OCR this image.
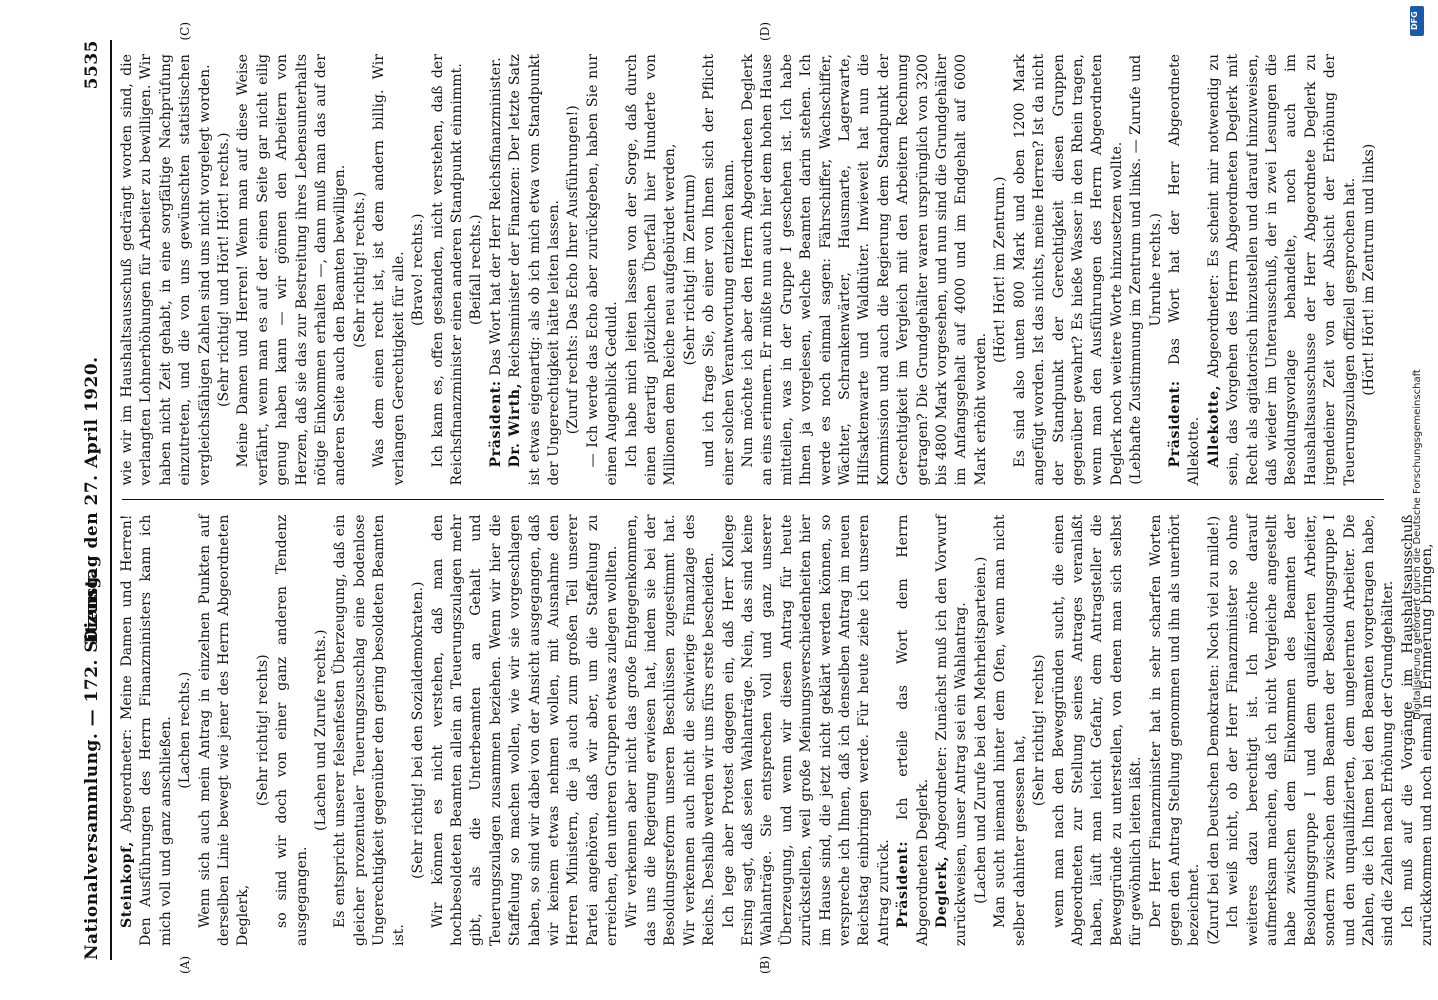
Nationalversammlung. — 172. Sitzung.
Dienstag den 27. April 1920.
5535
(A)	(B)

Steinkopf, Abgeordneter: Meine Damen und Herren! Den Ausführungen des Herrn Finanzministers kann ich mich voll und ganz anschließen. (Lachen rechts.) Wenn sich auch mein Antrag in einzelnen Punkten auf derselben Linie bewegt wie jener des Herrn Abgeordneten Deglerk,

(Sehr richtig! rechts) so sind wir doch von einer ganz anderen Tendenz ausgegangen.

(Lachen und Zurufe rechts.) Es entspricht unserer felsenfesten Überzeugung, daß ein gleicher prozentualer Teuerungszuschlag eine bodenlose Ungerechtigkeit gegenüber den gering besoldeten Beamten ist.

(Sehr richtig! bei den Sozialdemokraten.) Wir können es nicht verstehen, daß man den hochbesoldeten Beamten allein an Teuerungszulagen mehr gibt, als die Unterbeamten an Gehalt und Teuerungszulagen zusammen beziehen. Wenn wir hier die Staffelung so machen wollen, wie wir sie vorgeschlagen haben, so sind wir dabei von der Ansicht ausgegangen, daß wir keinem etwas nehmen wollen, mit Ausnahme den Herren Ministern, die ja auch zum großen Teil unserer Partei angehören, daß wir aber, um die Staffelung zu erreichen, den unteren Gruppen etwas zulegen wollten. Wir verkennen aber nicht das große Entgegenkommen, das uns die Regierung erwiesen hat, indem sie bei der Besoldungsreform unseren Beschlüssen zugestimmt hat. Wir verkennen auch nicht die schwierige Finanzlage des Reichs. Deshalb werden wir uns fürs erste bescheiden. Ich lege aber Protest dagegen ein, daß Herr Kollege Ersing sagt, daß seien Wahlanträge. Nein, das sind keine Wahlanträge. Sie entsprechen voll und ganz unserer Überzeugung, und wenn wir diesen Antrag für heute zurückstellen, weil große Meinungsverschiedenheiten hier im Hause sind, die jetzt nicht geklärt werden können, so verspreche ich Ihnen, daß ich denselben Antrag im neuen Reichstag einbringen werde. Für heute ziehe ich unseren Antrag zurück. Präsident: Ich erteile das Wort dem Herrn Abgeordneten Deglerk. Deglerk, Abgeordneter: Zunächst muß ich den Vorwurf zurückweisen, unser Antrag sei ein Wahlantrag. (Lachen und Zurufe bei den Mehrheitsparteien.) Man sucht niemand hinter dem Ofen, wenn man nicht selber dahinter gesessen hat,

(Sehr richtig! rechts) wenn man nach den Beweggründen sucht, die einen Abgeordneten zur Stellung seines Antrages veranlaßt haben, läuft man leicht Gefahr, dem Antragsteller die Beweggründe zu unterstellen, von denen man sich selbst für gewöhnlich leiten läßt. Der Herr Finanzminister hat in sehr scharfen Worten gegen den Antrag Stellung genommen und ihn als unerhört bezeichnet. (Zuruf bei den Deutschen Demokraten: Noch viel zu milde!) Ich weiß nicht, ob der Herr Finanzminister so ohne weiteres dazu berechtigt ist. Ich möchte darauf aufmerksam machen, daß ich nicht Vergleiche angestellt habe zwischen dem Einkommen des Beamten der Besoldungsgruppe I und dem qualifizierten Arbeiter, sondern zwischen dem Beamten der Besoldungsgruppe I und den unqualifizierten, dem ungelernten Arbeiter. Die Zahlen, die ich Ihnen bei den Beamten vorgetragen habe, sind die Zahlen nach Erhöhung der Grundgehälter. Ich muß auf die Vorgänge im Haushaltsausschuß zurückkommen und noch einmal in Erinnerung bringen,

wie wir im Haushaltsausschuß gedrängt worden sind, die verlangten Lohnerhöhungen für Arbeiter zu bewilligen. Wir haben nicht Zeit gehabt, in eine sorgfältige Nachprüfung einzutreten, und die von uns gewünschten statistischen vergleichsfähigen Zahlen sind uns nicht vorgelegt worden. (Sehr richtig! und Hört! Hört! rechts.) Meine Damen und Herren! Wenn man auf diese Weise verfährt, wenn man es auf der einen Seite gar nicht eilig genug haben kann — wir gönnen den Arbeitern von Herzen, daß sie das zur Bestreitung ihres Lebensunterhalts nötige Einkommen erhalten —, dann muß man das auf der anderen Seite auch den Beamten bewilligen. (Sehr richtig! rechts.) Was dem einen recht ist, ist dem andern billig. Wir verlangen Gerechtigkeit für alle. (Bravo! rechts.) Ich kann es, offen gestanden, nicht verstehen, daß der Reichsfinanzminister einen anderen Standpunkt einnimmt. (Beifall rechts.)

Präsident: Das Wort hat der Herr Reichsfinanzminister.

Dr. Wirth, Reichsminister der Finanzen: Der letzte Satz ist etwas eigenartig: als ob ich mich etwa vom Standpunkt der Ungerechtigkeit hätte leiten lassen. (Zuruf rechts: Das Echo Ihrer Ausführungen!) — Ich werde das Echo aber zurückgeben, haben Sie nur einen Augenblick Geduld. Ich habe mich leiten lassen von der Sorge, daß durch einen derartig plötzlichen Überfall hier Hunderte von Millionen dem Reiche neu aufgebürdet werden, (Sehr richtig! im Zentrum) und ich frage Sie, ob einer von Ihnen sich der Pflicht einer solchen Verantwortung entziehen kann. Nun möchte ich aber den Herrn Abgeordneten Deglerk an eins erinnern. Er müßte nun auch hier dem hohen Hause mitteilen, was in der Gruppe I geschehen ist. Ich habe Ihnen ja vorgelesen, welche Beamten darin stehen. Ich werde es noch einmal sagen: Fährschiffer, Wachschiffer, Wächter, Schrankenwärter, Hausmarte, Lagerwarte, Hilfsaktenwarte und Waldhüter. Inwieweit hat nun die Kommission und auch die Regierung dem Standpunkt der Gerechtigkeit im Vergleich mit den Arbeitern Rechnung getragen? Die Grundgehälter waren ursprünglich von 3200 bis 4800 Mark vorgesehen, und nun sind die Grundgehälter im Anfangsgehalt auf 4000 und im Endgehalt auf 6000 Mark erhöht worden.

(Hört! Hört! im Zentrum.) Es sind also unten 800 Mark und oben 1200 Mark angefügt worden. Ist das nichts, meine Herren? Ist da nicht der Standpunkt der Gerechtigkeit diesen Gruppen gegenüber gewahrt? Es hieße Wasser in den Rhein tragen, wenn man den Ausführungen des Herrn Abgeordneten Deglerk noch weitere Worte hinzusetzen wollte. (Lebhafte Zustimmung im Zentrum und links. — Zurufe und Unruhe rechts.)

Präsident: Das Wort hat der Herr Abgeordnete Allekotte. Allekotte, Abgeordneter: Es scheint mir notwendig zu sein, das Vorgehen des Herrn Abgeordneten Deglerk mit Recht als agitatorisch hinzustellen und darauf hinzuweisen, daß wieder im Unterausschuß, der in zwei Lesungen die Besoldungsvorlage behandelte, noch auch im Haushaltsausschusse der Herr Abgeordnete Deglerk zu irgendeiner Zeit von der Absicht der Erhöhung der Teuerungszulagen offiziell gesprochen hat. (Hört! Hört! im Zentrum und links)

(C)	(D)
DFG
Digitalisierung gefördert durch die Deutsche Forschungsgemeinschaft
